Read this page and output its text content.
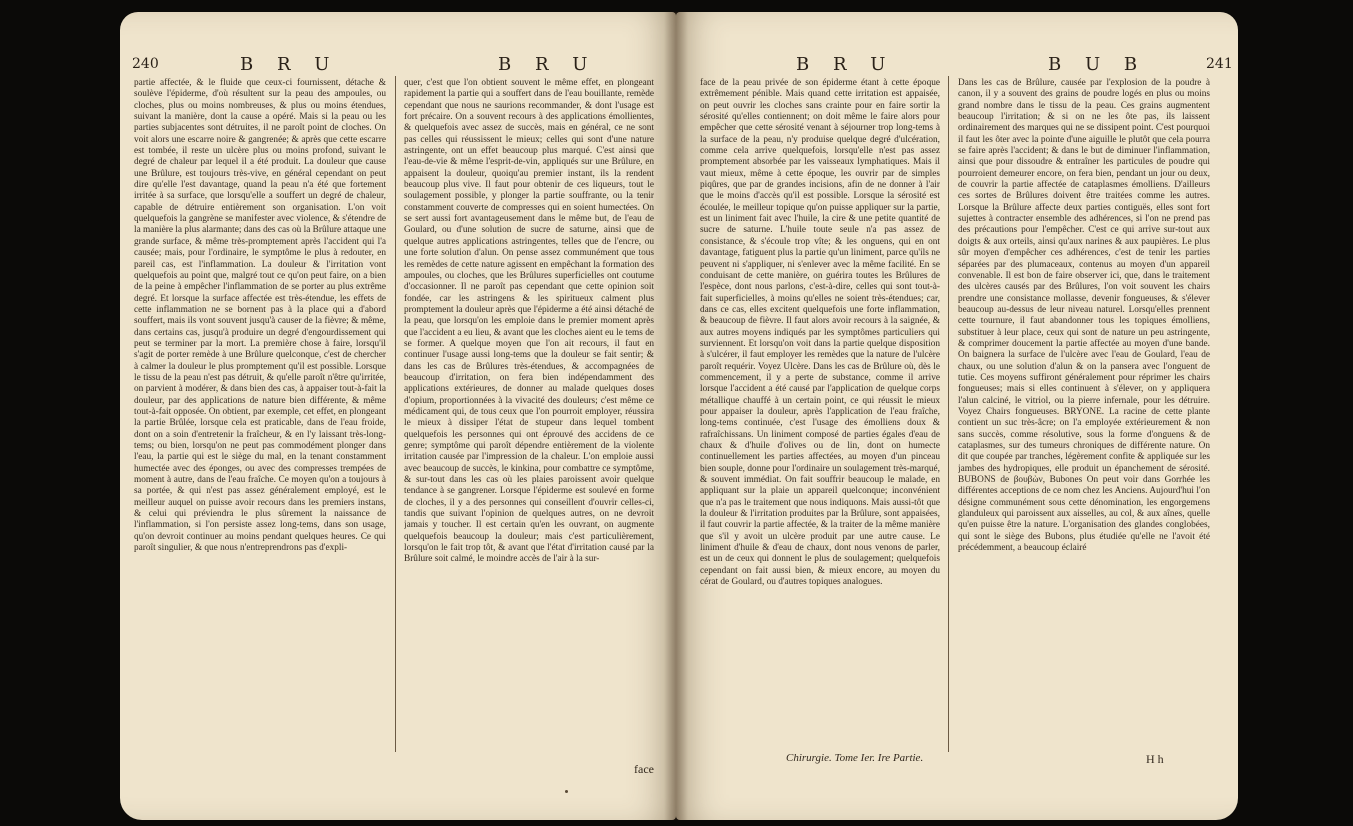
240	B R U	B R U
partie affectée, & le fluide que ceux-ci fournissent, détache & soulève l'épiderme, d'où résultent sur la peau des ampoules, ou cloches, plus ou moins nombreuses, & plus ou moins étendues, suivant la manière, dont la cause a opéré. Mais si la peau ou les parties subjacentes sont détruites, il ne paroît point de cloches. On voit alors une escarre noire & gangrenée; & après que cette escarre est tombée, il reste un ulcère plus ou moins profond, suivant le degré de chaleur par lequel il a été produit. La douleur que cause une Brûlure, est toujours très-vive, en général cependant on peut dire qu'elle l'est davantage, quand la peau n'a été que fortement irritée à sa surface, que lorsqu'elle a souffert un degré de chaleur, capable de détruire entièrement son organisation. L'on voit quelquefois la gangrène se manifester avec violence, & s'étendre de la manière la plus alarmante; dans des cas où la Brûlure attaque une grande surface, & même très-promptement après l'accident qui l'a causée; mais, pour l'ordinaire, le symptôme le plus à redouter, en pareil cas, est l'inflammation. La douleur & l'irritation vont quelquefois au point que, malgré tout ce qu'on peut faire, on a bien de la peine à empêcher l'inflammation de se porter au plus extrême degré. Et lorsque la surface affectée est très-étendue, les effets de cette inflammation ne se bornent pas à la place qui a d'abord souffert, mais ils vont souvent jusqu'à causer de la fièvre; & même, dans certains cas, jusqu'à produire un degré d'engourdissement qui peut se terminer par la mort. La première chose à faire, lorsqu'il s'agit de porter remède à une Brûlure quelconque, c'est de chercher à calmer la douleur le plus promptement qu'il est possible. Lorsque le tissu de la peau n'est pas détruit, & qu'elle paroît n'être qu'irritée, on parvient à modérer, & dans bien des cas, à appaiser tout-à-fait la douleur, par des applications de nature bien différente, & même tout-à-fait opposée. On obtient, par exemple, cet effet, en plongeant la partie Brûlée, lorsque cela est praticable, dans de l'eau froide, dont on a soin d'entretenir la fraîcheur, & en l'y laissant très-long-tems; ou bien, lorsqu'on ne peut pas commodément plonger dans l'eau, la partie qui est le siège du mal, en la tenant constamment humectée avec des éponges, ou avec des compresses trempées de moment à autre, dans de l'eau fraîche. Ce moyen qu'on a toujours à sa portée, & qui n'est pas assez généralement employé, est le meilleur auquel on puisse avoir recours dans les premiers instans, & celui qui préviendra le plus sûrement la naissance de l'inflammation, si l'on persiste assez long-tems, dans son usage, qu'on devroit continuer au moins pendant quelques heures. Ce qui paroît singulier, & que nous n'entreprendrons pas d'expli-
quer, c'est que l'on obtient souvent le même effet, en plongeant rapidement la partie qui a souffert dans de l'eau bouillante, remède cependant que nous ne saurions recommander, & dont l'usage est fort précaire. On a souvent recours à des applications émollientes, & quelquefois avec assez de succès, mais en général, ce ne sont pas celles qui réussissent le mieux; celles qui sont d'une nature astringente, ont un effet beaucoup plus marqué. C'est ainsi que l'eau-de-vie & même l'esprit-de-vin, appliqués sur une Brûlure, en appaisent la douleur, quoiqu'au premier instant, ils la rendent beaucoup plus vive. Il faut pour obtenir de ces liqueurs, tout le soulagement possible, y plonger la partie souffrante, ou la tenir constamment couverte de compresses qui en soient humectées. On se sert aussi fort avantageusement dans le même but, de l'eau de Goulard, ou d'une solution de sucre de saturne, ainsi que de quelque autres applications astringentes, telles que de l'encre, ou une forte solution d'alun. On pense assez communément que tous les remèdes de cette nature agissent en empêchant la formation des ampoules, ou cloches, que les Brûlures superficielles ont coutume d'occasionner. Il ne paroît pas cependant que cette opinion soit fondée, car les astringens & les spiritueux calment plus promptement la douleur après que l'épiderme a été ainsi détaché de la peau, que lorsqu'on les emploie dans le premier moment après que l'accident a eu lieu, & avant que les cloches aient eu le tems de se former. A quelque moyen que l'on ait recours, il faut en continuer l'usage aussi long-tems que la douleur se fait sentir; & dans les cas de Brûlures très-étendues, & accompagnées de beaucoup d'irritation, on fera bien indépendamment des applications extérieures, de donner au malade quelques doses d'opium, proportionnées à la vivacité des douleurs; c'est même ce médicament qui, de tous ceux que l'on pourroit employer, réussira le mieux à dissiper l'état de stupeur dans lequel tombent quelquefois les personnes qui ont éprouvé des accidens de ce genre; symptôme qui paroît dépendre entièrement de la violente irritation causée par l'impression de la chaleur. L'on emploie aussi avec beaucoup de succès, le kinkina, pour combattre ce symptôme, & sur-tout dans les cas où les plaies paroissent avoir quelque tendance à se gangrener. Lorsque l'épiderme est soulevé en forme de cloches, il y a des personnes qui conseillent d'ouvrir celles-ci, tandis que suivant l'opinion de quelques autres, on ne devroit jamais y toucher. Il est certain qu'en les ouvrant, on augmente quelquefois beaucoup la douleur; mais c'est particulièrement, lorsqu'on le fait trop tôt, & avant que l'état d'irritation causé par la Brûlure soit calmé, le moindre accès de l'air à la sur-
face
B R U	B U B	241
face de la peau privée de son épiderme étant à cette époque extrêmement pénible. Mais quand cette irritation est appaisée, on peut ouvrir les cloches sans crainte pour en faire sortir la sérosité qu'elles contiennent; on doit même le faire alors pour empêcher que cette sérosité venant à séjourner trop long-tems à la surface de la peau, n'y produise quelque degré d'ulcération, comme cela arrive quelquefois, lorsqu'elle n'est pas assez promptement absorbée par les vaisseaux lymphatiques. Mais il vaut mieux, même à cette époque, les ouvrir par de simples piqûres, que par de grandes incisions, afin de ne donner à l'air que le moins d'accès qu'il est possible. Lorsque la sérosité est écoulée, le meilleur topique qu'on puisse appliquer sur la partie, est un liniment fait avec l'huile, la cire & une petite quantité de sucre de saturne. L'huile toute seule n'a pas assez de consistance, & s'écoule trop vîte; & les onguens, qui en ont davantage, fatiguent plus la partie qu'un liniment, parce qu'ils ne peuvent ni s'appliquer, ni s'enlever avec la même facilité. En se conduisant de cette manière, on guérira toutes les Brûlures de l'espèce, dont nous parlons, c'est-à-dire, celles qui sont tout-à-fait superficielles, à moins qu'elles ne soient très-étendues; car, dans ce cas, elles excitent quelquefois une forte inflammation, & beaucoup de fièvre. Il faut alors avoir recours à la saignée, & aux autres moyens indiqués par les symptômes particuliers qui surviennent. Et lorsqu'on voit dans la partie quelque disposition à s'ulcérer, il faut employer les remèdes que la nature de l'ulcère paroît requérir. Voyez Ulcère. Dans les cas de Brûlure où, dès le commencement, il y a perte de substance, comme il arrive lorsque l'accident a été causé par l'application de quelque corps métallique chauffé à un certain point, ce qui réussit le mieux pour appaiser la douleur, après l'application de l'eau fraîche, long-tems continuée, c'est l'usage des émolliens doux & rafraîchissans. Un liniment composé de parties égales d'eau de chaux & d'huile d'olives ou de lin, dont on humecte continuellement les parties affectées, au moyen d'un pinceau bien souple, donne pour l'ordinaire un soulagement très-marqué, & souvent immédiat. On fait souffrir beaucoup le malade, en appliquant sur la plaie un appareil quelconque; inconvénient que n'a pas le traitement que nous indiquons. Mais aussi-tôt que la douleur & l'irritation produites par la Brûlure, sont appaisées, il faut couvrir la partie affectée, & la traiter de la même manière que s'il y avoit un ulcère produit par une autre cause. Le liniment d'huile & d'eau de chaux, dont nous venons de parler, est un de ceux qui donnent le plus de soulagement; quelquefois cependant on fait aussi bien, & mieux encore, au moyen du cérat de Goulard, ou d'autres topiques analogues.
Dans les cas de Brûlure, causée par l'explosion de la poudre à canon, il y a souvent des grains de poudre logés en plus ou moins grand nombre dans le tissu de la peau. Ces grains augmentent beaucoup l'irritation; & si on ne les ôte pas, ils laissent ordinairement des marques qui ne se dissipent point. C'est pourquoi il faut les ôter avec la pointe d'une aiguille le plutôt que cela pourra se faire après l'accident; & dans le but de diminuer l'inflammation, ainsi que pour dissoudre & entraîner les particules de poudre qui pourroient demeurer encore, on fera bien, pendant un jour ou deux, de couvrir la partie affectée de cataplasmes émolliens. D'ailleurs ces sortes de Brûlures doivent être traitées comme les autres. Lorsque la Brûlure affecte deux parties contiguës, elles sont fort sujettes à contracter ensemble des adhérences, si l'on ne prend pas des précautions pour l'empêcher. C'est ce qui arrive sur-tout aux doigts & aux orteils, ainsi qu'aux narines & aux paupières. Le plus sûr moyen d'empêcher ces adhérences, c'est de tenir les parties séparées par des plumaceaux, contenus au moyen d'un appareil convenable. Il est bon de faire observer ici, que, dans le traitement des ulcères causés par des Brûlures, l'on voit souvent les chairs prendre une consistance mollasse, devenir fongueuses, & s'élever beaucoup au-dessus de leur niveau naturel. Lorsqu'elles prennent cette tournure, il faut abandonner tous les topiques émolliens, substituer à leur place, ceux qui sont de nature un peu astringente, & comprimer doucement la partie affectée au moyen d'une bande. On baignera la surface de l'ulcère avec l'eau de Goulard, l'eau de chaux, ou une solution d'alun & on la pansera avec l'onguent de tutie. Ces moyens suffiront généralement pour réprimer les chairs fongueuses; mais si elles continuent à s'élever, on y appliquera l'alun calciné, le vitriol, ou la pierre infernale, pour les détruire. Voyez Chairs fongueuses. BRYONE. La racine de cette plante contient un suc très-âcre; on l'a employée extérieurement & non sans succès, comme résolutive, sous la forme d'onguens & de cataplasmes, sur des tumeurs chroniques de différente nature. On dit que coupée par tranches, légèrement confite & appliquée sur les jambes des hydropiques, elle produit un épanchement de sérosité. BUBONS de βουβὼν, Bubones On peut voir dans Gorrhée les différentes acceptions de ce nom chez les Anciens. Aujourd'hui l'on désigne communément sous cette dénomination, les engorgemens glanduleux qui paroissent aux aisselles, au col, & aux aînes, quelle qu'en puisse être la nature. L'organisation des glandes conglobées, qui sont le siège des Bubons, plus étudiée qu'elle ne l'avoit été précédemment, a beaucoup éclairé
Chirurgie. Tome Ier. Ire Partie.	H h
